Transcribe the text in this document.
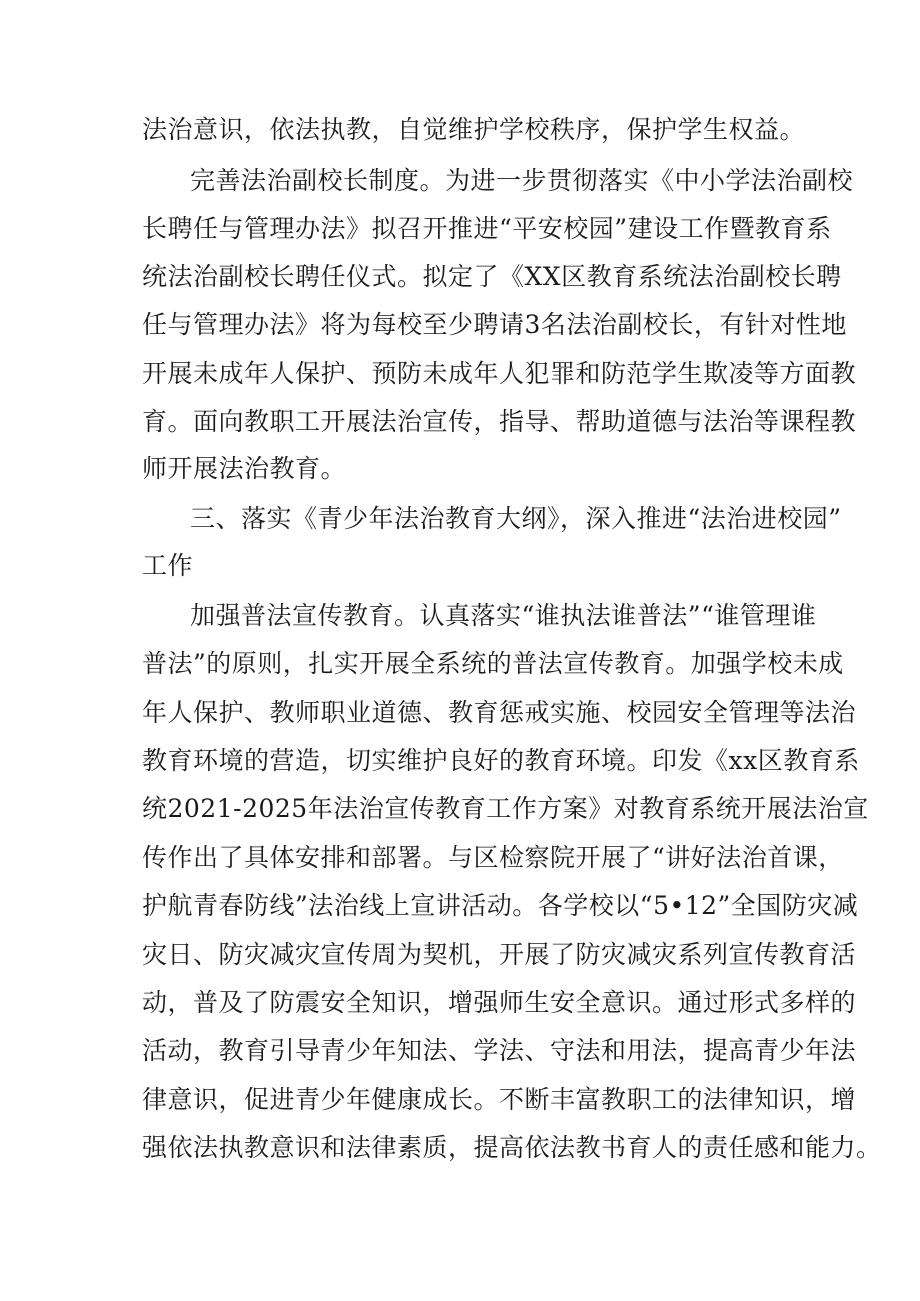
法治意识，依法执教，自觉维护学校秩序，保护学生权益。
完善法治副校长制度。为进一步贯彻落实《中小学法治副校
长聘任与管理办法》拟召开推进“平安校园”建设工作暨教育系
统法治副校长聘任仪式。拟定了《XX区教育系统法治副校长聘
任与管理办法》将为每校至少聘请3名法治副校长，有针对性地
开展未成年人保护、预防未成年人犯罪和防范学生欺凌等方面教
育。面向教职工开展法治宣传，指导、帮助道德与法治等课程教
师开展法治教育。
三、落实《青少年法治教育大纲》，深入推进“法治进校园”
工作
加强普法宣传教育。认真落实“谁执法谁普法”“谁管理谁
普法”的原则，扎实开展全系统的普法宣传教育。加强学校未成
年人保护、教师职业道德、教育惩戒实施、校园安全管理等法治
教育环境的营造，切实维护良好的教育环境。印发《xx区教育系
统2021-2025年法治宣传教育工作方案》对教育系统开展法治宣
传作出了具体安排和部署。与区检察院开展了“讲好法治首课，
护航青春防线”法治线上宣讲活动。各学校以“5•12”全国防灾减
灾日、防灾减灾宣传周为契机，开展了防灾减灾系列宣传教育活
动，普及了防震安全知识，增强师生安全意识。通过形式多样的
活动，教育引导青少年知法、学法、守法和用法，提高青少年法
律意识，促进青少年健康成长。不断丰富教职工的法律知识，增
强依法执教意识和法律素质，提高依法教书育人的责任感和能力。
